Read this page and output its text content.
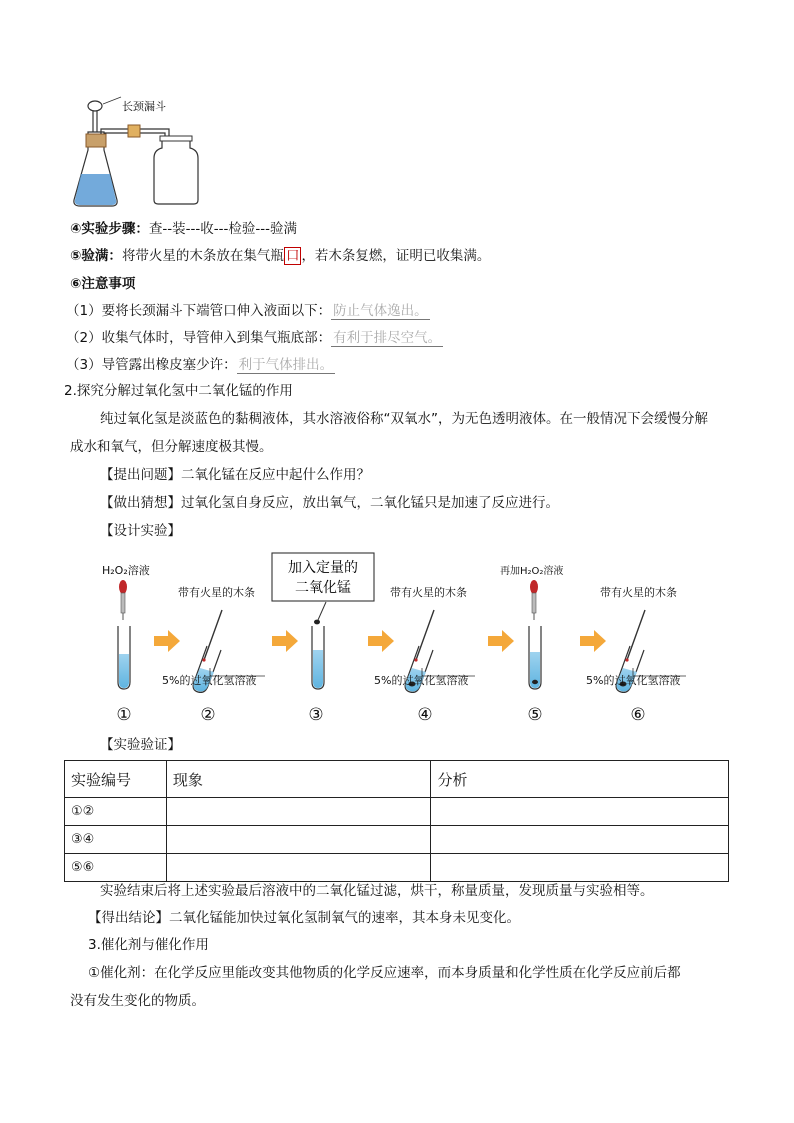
长颈漏斗
④实验步骤：查--装---收---检验---验满
⑤验满：将带火星的木条放在集气瓶 口 ，若木条复燃，证明已收集满。
⑥注意事项
（1）要将长颈漏斗下端管口伸入液面以下： 防止气体逸出。
（2）收集气体时，导管伸入到集气瓶底部： 有利于排尽空气。
（3）导管露出橡皮塞少许： 利于气体排出。
2.探究分解过氧化氢中二氧化锰的作用
纯过氧化氢是淡蓝色的黏稠液体，其水溶液俗称“双氧水”，为无色透明液体。在一般情况下会缓慢分解
成水和氧气，但分解速度极其慢。
【提出问题】二氧化锰在反应中起什么作用？
【做出猜想】过氧化氢自身反应，放出氧气，二氧化锰只是加速了反应进行。
【设计实验】
H₂O₂溶液
带有火星的木条
5%的过氧化氢溶液
加入定量的
二氧化锰	带有火星的木条
5%的过氧化氢溶液
再加H₂O₂溶液
带有火星的木条
5%的过氧化氢溶液
①	②	③	④	⑤	⑥
【实验验证】
实验编号	现象	分析
①②		
③④		
⑤⑥		
实验结束后将上述实验最后溶液中的二氧化锰过滤，烘干，称量质量，发现质量与实验相等。
【得出结论】二氧化锰能加快过氧化氢制氧气的速率，其本身未见变化。
3.催化剂与催化作用
①催化剂：在化学反应里能改变其他物质的化学反应速率，而本身质量和化学性质在化学反应前后都
没有发生变化的物质。
